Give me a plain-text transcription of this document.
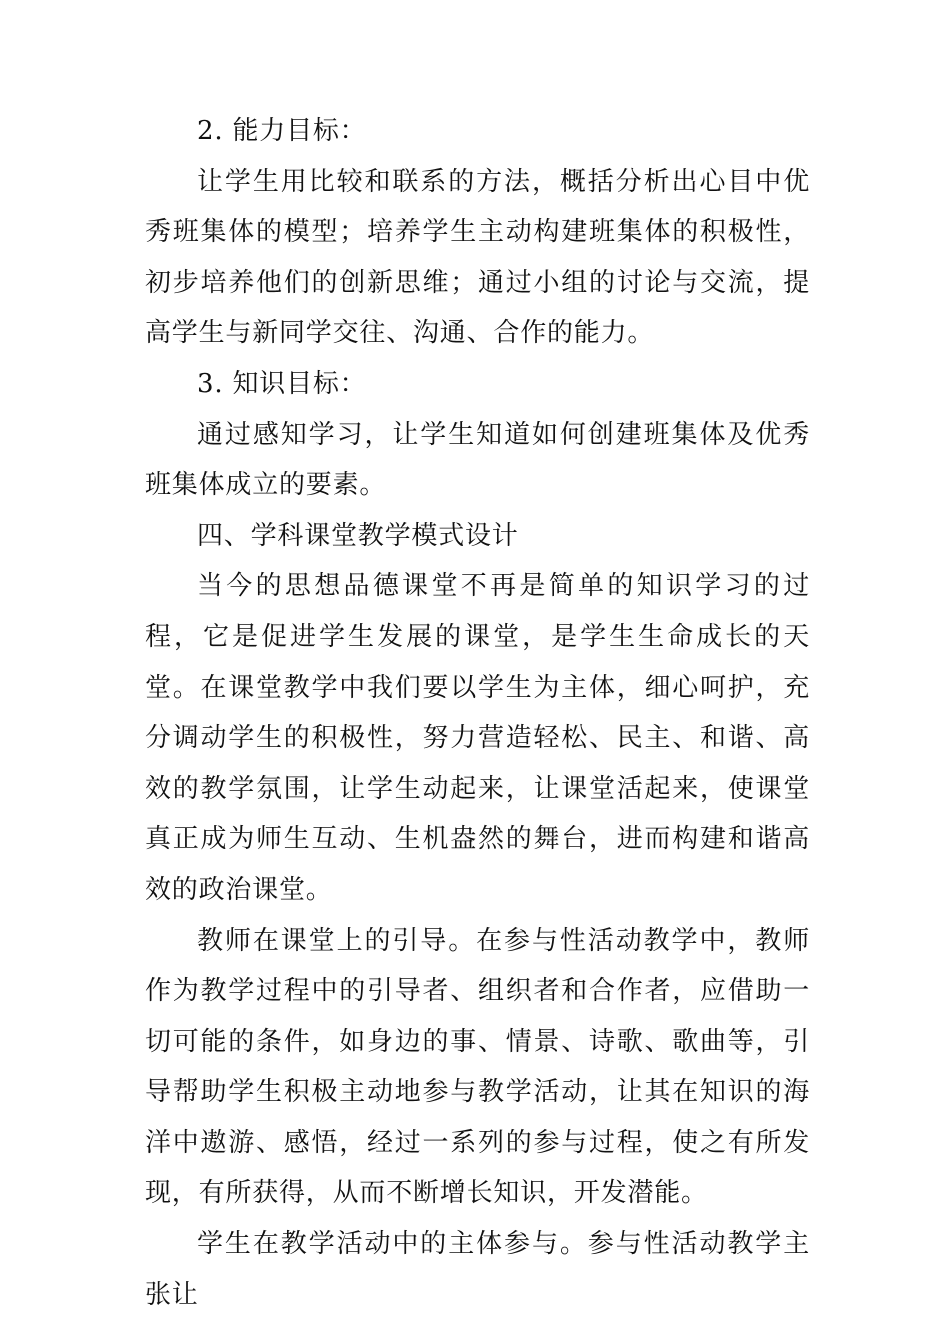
2. 能力目标：

让学生用比较和联系的方法，概括分析出心目中优秀班集体的模型；培养学生主动构建班集体的积极性，初步培养他们的创新思维；通过小组的讨论与交流，提高学生与新同学交往、沟通、合作的能力。

3. 知识目标：

通过感知学习，让学生知道如何创建班集体及优秀班集体成立的要素。

四、学科课堂教学模式设计

当今的思想品德课堂不再是简单的知识学习的过程，它是促进学生发展的课堂，是学生生命成长的天堂。在课堂教学中我们要以学生为主体，细心呵护，充分调动学生的积极性，努力营造轻松、民主、和谐、高效的教学氛围，让学生动起来，让课堂活起来，使课堂真正成为师生互动、生机盎然的舞台，进而构建和谐高效的政治课堂。

教师在课堂上的引导。在参与性活动教学中，教师作为教学过程中的引导者、组织者和合作者，应借助一切可能的条件，如身边的事、情景、诗歌、歌曲等，引导帮助学生积极主动地参与教学活动，让其在知识的海洋中遨游、感悟，经过一系列的参与过程，使之有所发现，有所获得，从而不断增长知识，开发潜能。

学生在教学活动中的主体参与。参与性活动教学主张让
